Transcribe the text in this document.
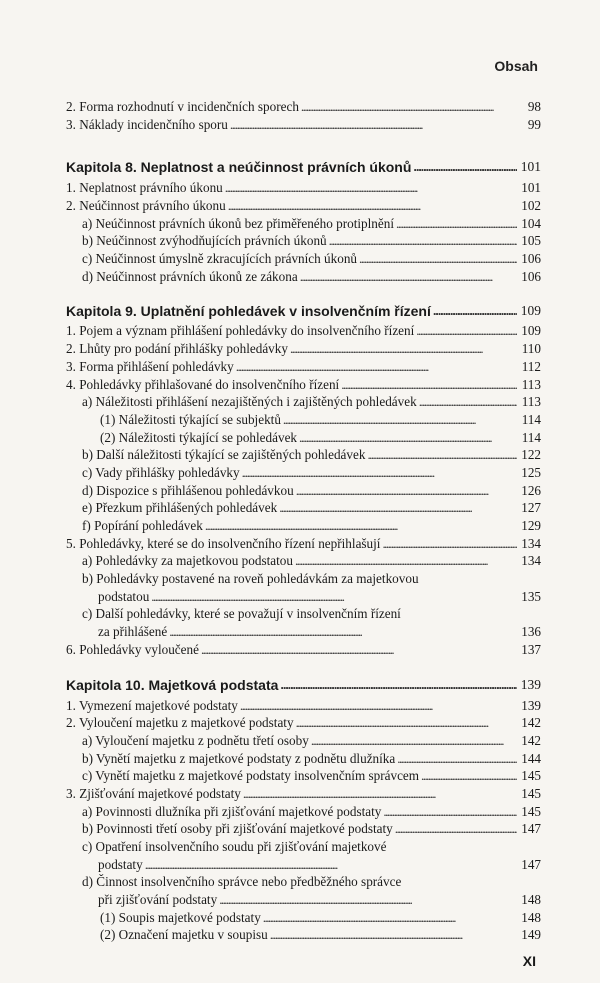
Obsah
2. Forma rozhodnutí v incidenčních sporech . . .	98
3. Náklady incidenčního sporu . . .	99
Kapitola 8. Neplatnost a neúčinnost právních úkonů . . .	101
1. Neplatnost právního úkonu . . .	101
2. Neúčinnost právního úkonu . . .	102
a) Neúčinnost právních úkonů bez přiměřeného protiplnění . . .	104
b) Neúčinnost zvýhodňujících právních úkonů . . .	105
c) Neúčinnost úmyslně zkracujících právních úkonů . . .	106
d) Neúčinnost právních úkonů ze zákona . . .	106
Kapitola 9. Uplatnění pohledávek v insolvenčním řízení . . .	109
1. Pojem a význam přihlášení pohledávky do insolvenčního řízení . . .	109
2. Lhůty pro podání přihlášky pohledávky . . .	110
3. Forma přihlášení pohledávky . . .	112
4. Pohledávky přihlašované do insolvenčního řízení . . .	113
a) Náležitosti přihlášení nezajištěných i zajištěných pohledávek . . .	113
(1) Náležitosti týkající se subjektů . . .	114
(2) Náležitosti týkající se pohledávek . . .	114
b) Další náležitosti týkající se zajištěných pohledávek . . .	122
c) Vady přihlášky pohledávky . . .	125
d) Dispozice s přihlášenou pohledávkou . . .	126
e) Přezkum přihlášených pohledávek . . .	127
f) Popírání pohledávek . . .	129
5. Pohledávky, které se do insolvenčního řízení nepřihlašují . . .	134
a) Pohledávky za majetkovou podstatou . . .	134
b) Pohledávky postavené na roveň pohledávkám za majetkovou
podstatou . . .	135
c) Další pohledávky, které se považují v insolvenčním řízení
za přihlášené . . .	136
6. Pohledávky vyloučené . . .	137
Kapitola 10. Majetková podstata . . .	139
1. Vymezení majetkové podstaty . . .	139
2. Vyloučení majetku z majetkové podstaty . . .	142
a) Vyloučení majetku z podnětu třetí osoby . . .	142
b) Vynětí majetku z majetkové podstaty z podnětu dlužníka . . .	144
c) Vynětí majetku z majetkové podstaty insolvenčním správcem . . .	145
3. Zjišťování majetkové podstaty . . .	145
a) Povinnosti dlužníka při zjišťování majetkové podstaty . . .	145
b) Povinnosti třetí osoby při zjišťování majetkové podstaty . . .	147
c) Opatření insolvenčního soudu při zjišťování majetkové
podstaty . . .	147
d) Činnost insolvenčního správce nebo předběžného správce
při zjišťování podstaty . . .	148
(1) Soupis majetkové podstaty . . .	148
(2) Označení majetku v soupisu . . .	149
XI
